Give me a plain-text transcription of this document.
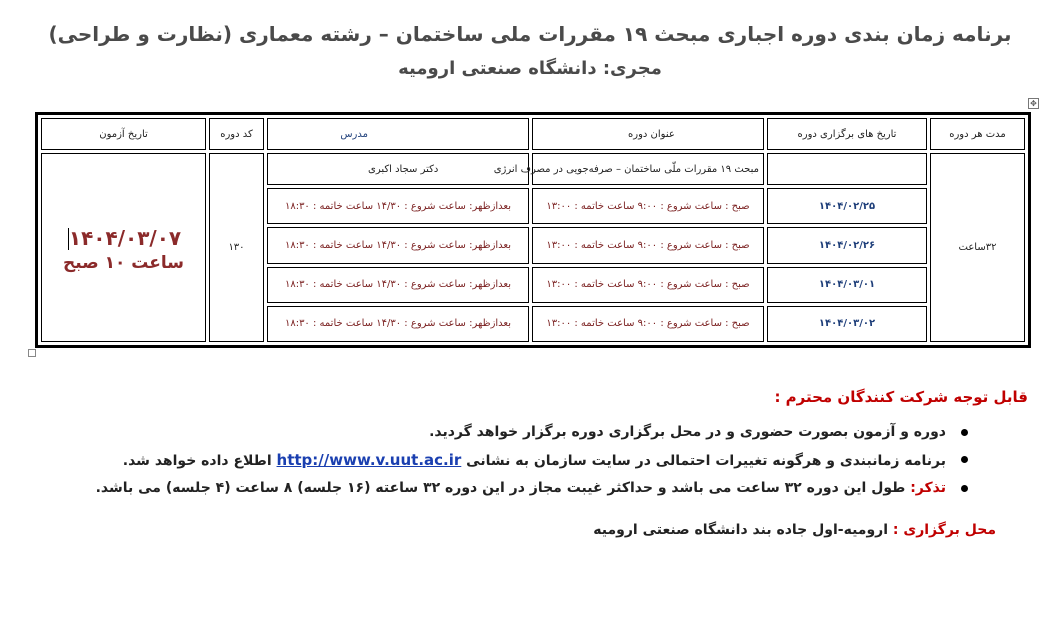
برنامه زمان بندی دوره اجباری مبحث ۱۹ مقررات ملی ساختمان – رشته معماری (نظارت و طراحی)
مجری: دانشگاه صنعتی ارومیه
✥
مدت هر دوره	تاریخ های برگزاری دوره	عنوان دوره	مدرس	کد دوره	تاریخ آزمون
۳۲ساعت		مبحث ۱۹ مقررات ملّی ساختمان – صرفه‌جویی در مصرف انرژی	دکتر سجاد اکبری	۱۳۰	۱۴۰۴/۰۳/۰۷
ساعت ۱۰ صبح

	۱۴۰۴/۰۲/۲۵	صبح : ساعت شروع : ۹:۰۰ ساعت خاتمه : ۱۳:۰۰	بعدازظهر: ساعت شروع : ۱۴/۳۰ ساعت خاتمه : ۱۸:۳۰		
	۱۴۰۴/۰۲/۲۶	صبح : ساعت شروع : ۹:۰۰ ساعت خاتمه : ۱۳:۰۰	بعدازظهر: ساعت شروع : ۱۴/۳۰ ساعت خاتمه : ۱۸:۳۰		
	۱۴۰۴/۰۳/۰۱	صبح : ساعت شروع : ۹:۰۰ ساعت خاتمه : ۱۳:۰۰	بعدازظهر: ساعت شروع : ۱۴/۳۰ ساعت خاتمه : ۱۸:۳۰		
	۱۴۰۴/۰۳/۰۲	صبح : ساعت شروع : ۹:۰۰ ساعت خاتمه : ۱۳:۰۰	بعدازظهر: ساعت شروع : ۱۴/۳۰ ساعت خاتمه : ۱۸:۳۰		
قابل توجه شرکت کنندگان محترم :
دوره و آزمون بصورت حضوری و در محل برگزاری دوره برگزار خواهد گردید.
برنامه زمانبندی و هرگونه تغییرات احتمالی در سایت سازمان به نشانی http://www.v.uut.ac.ir اطلاع داده خواهد شد.
تذکر: طول این دوره ۳۲ ساعت می باشد و حداکثر غیبت مجاز در این دوره ۳۲ ساعته (۱۶ جلسه) ۸ ساعت (۴ جلسه) می باشد.
محل برگزاری : ارومیه-اول جاده بند دانشگاه صنعتی ارومیه
